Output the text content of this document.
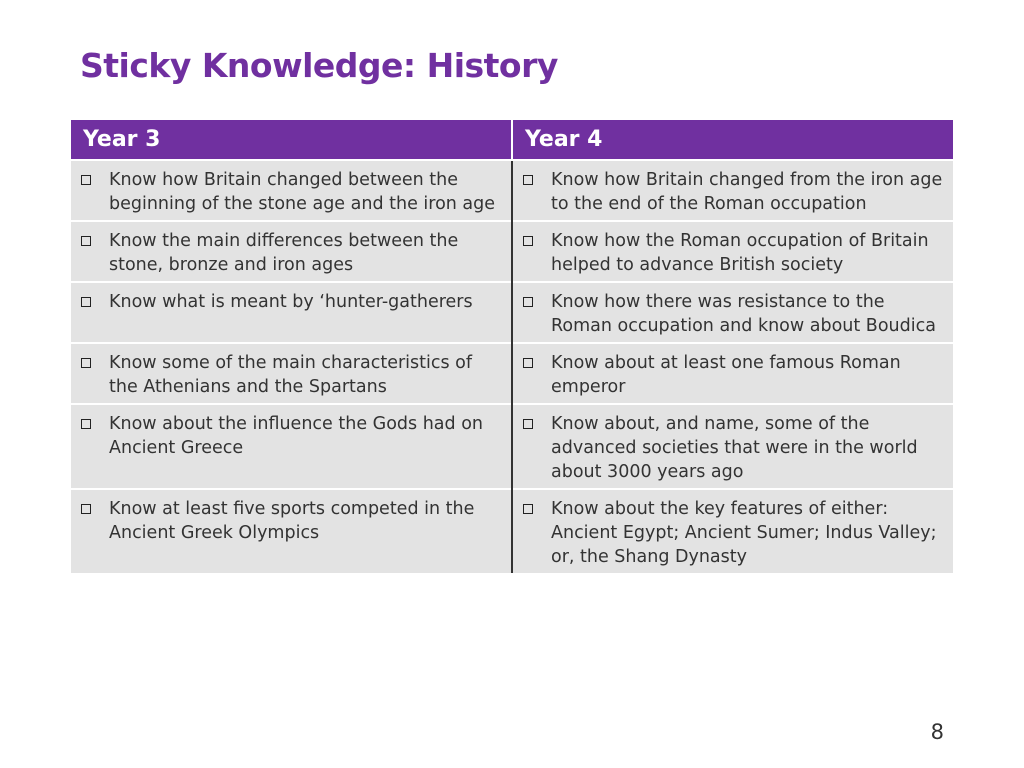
Sticky Knowledge: History
Year 3	Year 4

Know how Britain changed between the beginning of the stone age and the iron age	Know how Britain changed from the iron age to the end of the Roman occupation

Know the main differences between the stone, bronze and iron ages	Know how the Roman occupation of Britain helped to advance British society

Know what is meant by ‘hunter-gatherers	Know how there was resistance to the Roman occupation and know about Boudica

Know some of the main characteristics of the Athenians and the Spartans	Know about at least one famous Roman emperor

Know about the influence the Gods had on Ancient Greece	Know about, and name, some of the advanced societies that were in the world about 3000 years ago

Know at least five sports competed in the Ancient Greek Olympics	Know about the key features of either: Ancient Egypt; Ancient Sumer; Indus Valley; or, the Shang Dynasty
8
